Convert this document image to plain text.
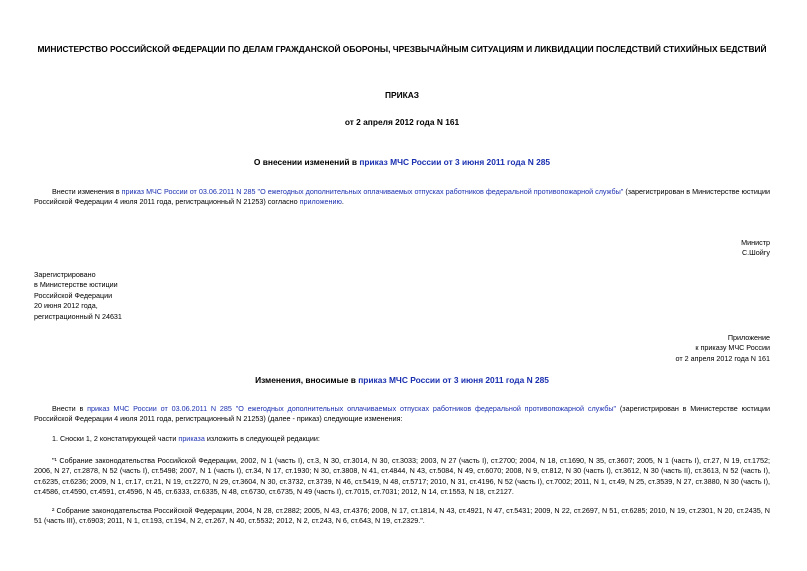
МИНИСТЕРСТВО РОССИЙСКОЙ ФЕДЕРАЦИИ ПО ДЕЛАМ ГРАЖДАНСКОЙ ОБОРОНЫ, ЧРЕЗВЫЧАЙНЫМ СИТУАЦИЯМ И ЛИКВИДАЦИИ ПОСЛЕДСТВИЙ СТИХИЙНЫХ БЕДСТВИЙ
ПРИКАЗ
от 2 апреля 2012 года N 161
О внесении изменений в приказ МЧС России от 3 июня 2011 года N 285
Внести изменения в приказ МЧС России от 03.06.2011 N 285 "О ежегодных дополнительных оплачиваемых отпусках работников федеральной противопожарной службы" (зарегистрирован в Министерстве юстиции Российской Федерации 4 июля 2011 года, регистрационный N 21253) согласно приложению.
Министр
С.Шойгу
Зарегистрировано
в Министерстве юстиции
Российской Федерации
20 июня 2012 года,
регистрационный N 24631
Приложение
к приказу МЧС России
от 2 апреля 2012 года N 161
Изменения, вносимые в приказ МЧС России от 3 июня 2011 года N 285
Внести в приказ МЧС России от 03.06.2011 N 285 "О ежегодных дополнительных оплачиваемых отпусках работников федеральной противопожарной службы" (зарегистрирован в Министерстве юстиции Российской Федерации 4 июля 2011 года, регистрационный N 21253) (далее - приказ) следующие изменения:
1. Сноски 1, 2 констатирующей части приказа изложить в следующей редакции:
"¹ Собрание законодательства Российской Федерации, 2002, N 1 (часть I), ст.3, N 30, ст.3014, N 30, ст.3033; 2003, N 27 (часть I), ст.2700; 2004, N 18, ст.1690, N 35, ст.3607; 2005, N 1 (часть I), ст.27, N 19, ст.1752; 2006, N 27, ст.2878, N 52 (часть I), ст.5498; 2007, N 1 (часть I), ст.34, N 17, ст.1930; N 30, ст.3808, N 41, ст.4844, N 43, ст.5084, N 49, ст.6070; 2008, N 9, ст.812, N 30 (часть I), ст.3612, N 30 (часть II), ст.3613, N 52 (часть I), ст.6235, ст.6236; 2009, N 1, ст.17, ст.21, N 19, ст.2270, N 29, ст.3604, N 30, ст.3732, ст.3739, N 46, ст.5419, N 48, ст.5717; 2010, N 31, ст.4196, N 52 (часть I), ст.7002; 2011, N 1, ст.49, N 25, ст.3539, N 27, ст.3880, N 30 (часть I), ст.4586, ст.4590, ст.4591, ст.4596, N 45, ст.6333, ст.6335, N 48, ст.6730, ст.6735, N 49 (часть I), ст.7015, ст.7031; 2012, N 14, ст.1553, N 18, ст.2127.
² Собрание законодательства Российской Федерации, 2004, N 28, ст.2882; 2005, N 43, ст.4376; 2008, N 17, ст.1814, N 43, ст.4921, N 47, ст.5431; 2009, N 22, ст.2697, N 51, ст.6285; 2010, N 19, ст.2301, N 20, ст.2435, N 51 (часть III), ст.6903; 2011, N 1, ст.193, ст.194, N 2, ст.267, N 40, ст.5532; 2012, N 2, ст.243, N 6, ст.643, N 19, ст.2329.".
